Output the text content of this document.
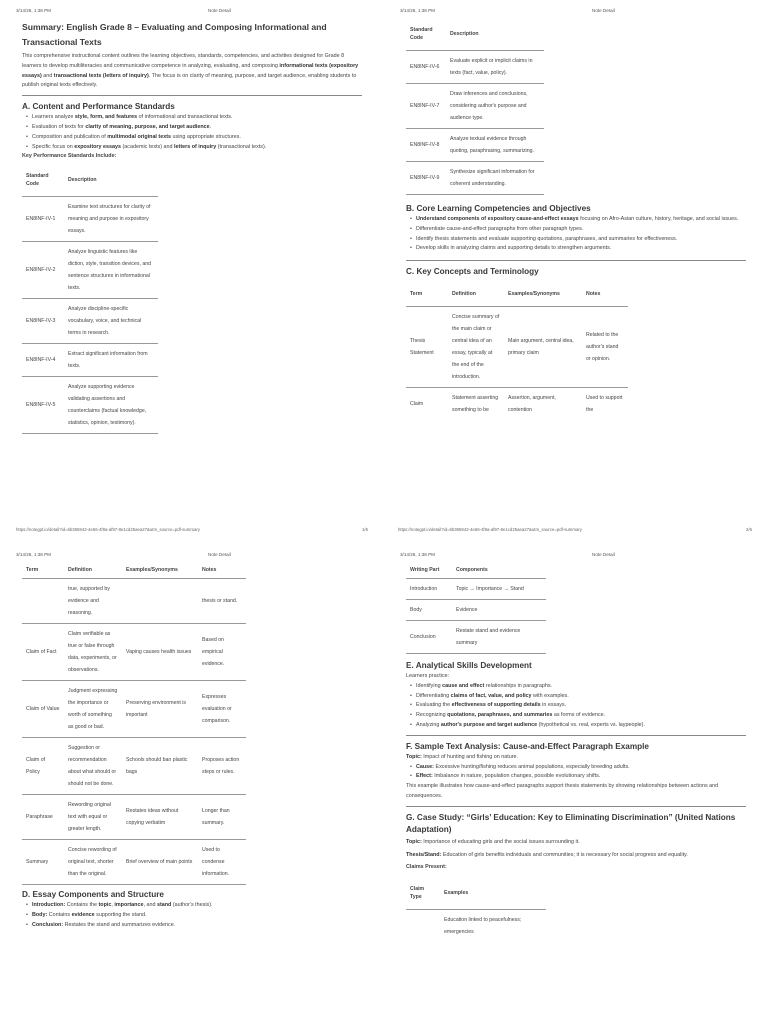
3/14/26, 1:38 PM	Note Detail
Summary: English Grade 8 – Evaluating and Composing Informational and Transactional Texts

This comprehensive instructional content outlines the learning objectives, standards, competencies, and activities designed for Grade 8 learners to develop multiliteracies and communicative competence in analyzing, evaluating, and composing informational texts (expository essays) and transactional texts (letters of inquiry). The focus is on clarity of meaning, purpose, and target audience, enabling students to publish original texts effectively.

A. Content and Performance Standards
• Learners analyze style, form, and features of informational and transactional texts.
• Evaluation of texts for clarity of meaning, purpose, and target audience.
• Composition and publication of multimodal original texts using appropriate structures.
• Specific focus on expository essays (academic texts) and letters of inquiry (transactional texts).
Key Performance Standards Include:
Standard Code	Description
EN8INF-IV-1	Examine text structures for clarity of meaning and purpose in expository essays.
EN8INF-IV-2	Analyze linguistic features like diction, style, transition devices, and sentence structures in informational texts.
EN8INF-IV-3	Analyze discipline-specific vocabulary, voice, and technical terms in research.
EN8INF-IV-4	Extract significant information from texts.
EN8INF-IV-5	Analyze supporting evidence validating assertions and counterclaims (factual knowledge, statistics, opinion, testimony).
3/14/26, 1:38 PM	Note Detail
Standard Code	Description
EN8INF-IV-6	Evaluate explicit or implicit claims in texts (fact, value, policy).
EN8INF-IV-7	Draw inferences and conclusions, considering author's purpose and audience type.
EN8INF-IV-8	Analyze textual evidence through quoting, paraphrasing, summarizing.
EN8INF-IV-9	Synthesize significant information for coherent understanding.
B. Core Learning Competencies and Objectives
• Understand components of expository cause-and-effect essays focusing on Afro-Asian culture, history, heritage, and social issues.
• Differentiate cause-and-effect paragraphs from other paragraph types.
• Identify thesis statements and evaluate supporting quotations, paraphrases, and summaries for effectiveness.
• Develop skills in analyzing claims and supporting details to strengthen arguments.
C. Key Concepts and Terminology
Term	Definition	Examples/Synonyms	Notes
Thesis Statement	Concise summary of the main claim or central idea of an essay, typically at the end of the introduction.	Main argument, central idea, primary claim	Related to the author's stand or opinion.
Claim	Statement asserting something to be	Assertion, argument, contention	Used to support the
https://notegpt.io/detail?id=6b365942-4e66-4f9a-af97-8e1cd25aea27&utm_source=pdf-summary	1/6	https://notegpt.io/detail?id=6b365942-4e66-4f9a-af97-8e1cd25aea27&utm_source=pdf-summary	2/6
3/14/26, 1:38 PM	Note Detail
Term	Definition	Examples/Synonyms	Notes
	true, supported by evidence and reasoning.		thesis or stand.
Claim of Fact	Claim verifiable as true or false through data, experiments, or observations.	Vaping causes health issues	Based on empirical evidence.
Claim of Value	Judgment expressing the importance or worth of something as good or bad.	Preserving environment is important	Expresses evaluation or comparison.
Claim of Policy	Suggestion or recommendation about what should or should not be done.	Schools should ban plastic bags	Proposes action steps or rules.
Paraphrase	Rewording original text with equal or greater length.	Restates ideas without copying verbatim	Longer than summary.
Summary	Concise rewording of original text, shorter than the original.	Brief overview of main points	Used to condense information.
D. Essay Components and Structure
• Introduction: Contains the topic, importance, and stand (author's thesis).
• Body: Contains evidence supporting the stand.
• Conclusion: Restates the stand and summarizes evidence.
3/14/26, 1:38 PM	Note Detail
Writing Part	Components
Introduction	Topic → Importance → Stand
Body	Evidence
Conclusion	Restate stand and evidence summary
E. Analytical Skills Development

Learners practice:

• Identifying cause and effect relationships in paragraphs.
• Differentiating claims of fact, value, and policy with examples.
• Evaluating the effectiveness of supporting details in essays.
• Recognizing quotations, paraphrases, and summaries as forms of evidence.
• Analyzing author's purpose and target audience (hypothetical vs. real, experts vs. laypeople).
F. Sample Text Analysis: Cause-and-Effect Paragraph Example

Topic: Impact of hunting and fishing on nature.

• Cause: Excessive hunting/fishing reduces animal populations, especially breeding adults.
• Effect: Imbalance in nature, population changes, possible evolutionary shifts.

This example illustrates how cause-and-effect paragraphs support thesis statements by showing relationships between actions and consequences.

G. Case Study: “Girls’ Education: Key to Eliminating Discrimination” (United Nations Adaptation)

Topic: Importance of educating girls and the social issues surrounding it.

Thesis/Stand: Education of girls benefits individuals and communities; it is necessary for social progress and equality.

Claims Present:
Claim Type	Examples
	Education linked to peacefulness; emergencies
